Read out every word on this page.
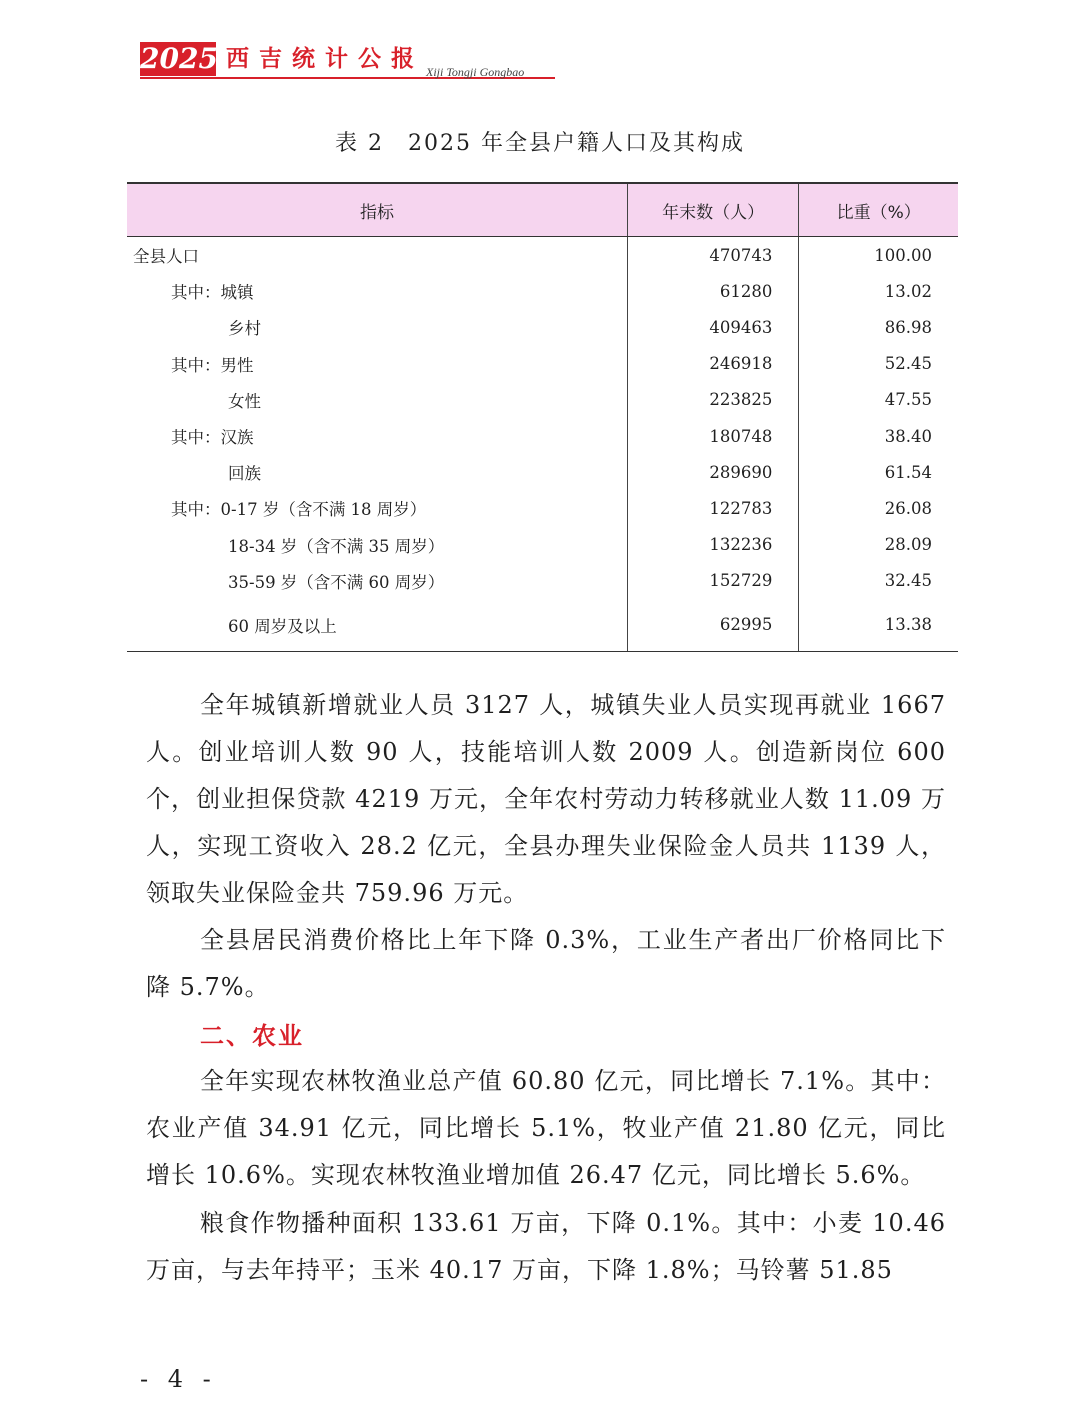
2025 西吉统计公报 Xiji Tongji Gongbao
表 2　2025 年全县户籍人口及其构成
指标	年末数（人）	比重（%）
全县人口	470743	100.00
其中：城镇	61280	13.02
乡村	409463	86.98
其中：男性	246918	52.45
女性	223825	47.55
其中：汉族	180748	38.40
回族	289690	61.54
其中：0-17 岁（含不满 18 周岁）	122783	26.08
18-34 岁（含不满 35 周岁）	132236	28.09
35-59 岁（含不满 60 周岁）	152729	32.45
60 周岁及以上	62995	13.38

全年城镇新增就业人员 3127 人，城镇失业人员实现再就业 1667 人。创业培训人数 90 人，技能培训人数 2009 人。创造新岗位 600 个，创业担保贷款 4219 万元，全年农村劳动力转移就业人数 11.09 万人，实现工资收入 28.2 亿元，全县办理失业保险金人员共 1139 人，领取失业保险金共 759.96 万元。

全县居民消费价格比上年下降 0.3%，工业生产者出厂价格同比下降 5.7%。

二、农业

全年实现农林牧渔业总产值 60.80 亿元，同比增长 7.1%。其中：农业产值 34.91 亿元，同比增长 5.1%，牧业产值 21.80 亿元，同比增长 10.6%。实现农林牧渔业增加值 26.47 亿元，同比增长 5.6%。

粮食作物播种面积 133.61 万亩，下降 0.1%。其中：小麦 10.46 万亩，与去年持平；玉米 40.17 万亩，下降 1.8%；马铃薯 51.85

- 4 -
